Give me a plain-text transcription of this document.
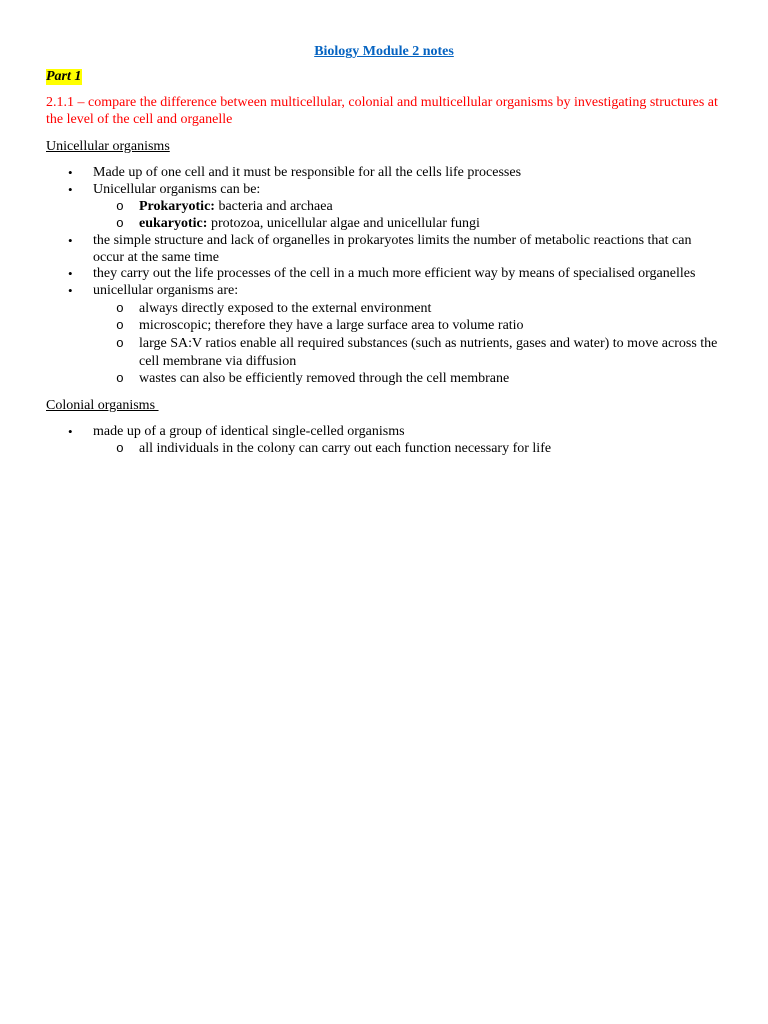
Biology Module 2 notes
Part 1
2.1.1 – compare the difference between multicellular, colonial and multicellular organisms by investigating structures at the level of the cell and organelle
Unicellular organisms
•	Made up of one cell and it must be responsible for all the cells life processes
•	Unicellular organisms can be:
o Prokaryotic: bacteria and archaea
o eukaryotic: protozoa, unicellular algae and unicellular fungi
•	the simple structure and lack of organelles in prokaryotes limits the number of metabolic reactions that can occur at the same time
•	they carry out the life processes of the cell in a much more efficient way by means of specialised organelles
•	unicellular organisms are:
o always directly exposed to the external environment
o microscopic; therefore they have a large surface area to volume ratio
o large SA:V ratios enable all required substances (such as nutrients, gases and water) to move across the cell membrane via diffusion
o wastes can also be efficiently removed through the cell membrane
Colonial organisms
•	made up of a group of identical single-celled organisms
o all individuals in the colony can carry out each function necessary for life
